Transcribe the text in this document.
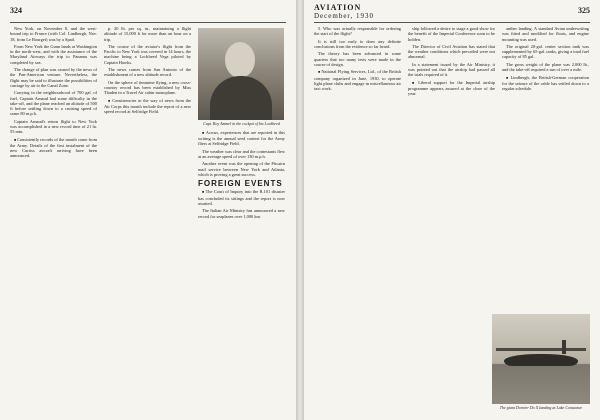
324

New York, on November 8, and the west-bound trip to France (with Col. Lindbergh, Nov. 18, from Le Bourget) was by a Spad.

From New York the Gunn lands at Washington in the north-west, and with the assistance of the Maryland Airways the trip to Panama was completed by sea.

The change of plan was caused by the news of the Pan-American venture. Nevertheless, the flight may be said to illustrate the possibilities of carriage by air to the Canal Zone.

Carrying in the neighbourhood of 700 gal. of fuel, Captain Arnaud had some difficulty in the take-off, and the plane reached an altitude of 500 ft before settling down to a cruising speed of some 80 m.p.h.

Captain Arnaud's return flight to New York was accomplished in a new record time of 21 hr. 55 min.

■ Consistently records of the month come from the Army. Details of the first instalment of the new Curtiss aircraft arriving have been announced.

p. 20 lb. per sq. in., maintaining a flight altitude of 15,000 ft for more than an hour on a trip.

The course of the aviator's flight from the Pacific to New York was covered in 14 hours, the machine being a Lockheed Vega piloted by Captain Hawks.

The news comes from San Antonio of the establishment of a new altitude record.

On the sphere of feminine flying, a new cross-country record has been established by Miss Thaden in a Travel Air cabin monoplane.

■ Consistencies in the way of news from the Air Corps this month include the report of a new speed record at Selfridge Field.

Capt. Roy Ammel in the cockpit of his Lockheed

■ Across, experiences that are reported in this writing is the annual seed contest for the Army fliers at Selfridge Field.

The weather was clear and the contestants flew at an average speed of over 130 m.p.h.

Another event was the opening of the Pitcairn mail service between New York and Atlanta, which is proving a great success.

FOREIGN EVENTS

■ The Court of Inquiry into the R.101 disaster has concluded its sittings and the report is now awaited.

The Italian Air Ministry has announced a new record for seaplanes over 1,000 km.

AVIATION
December, 1930
325

5. Who was actually responsible for ordering the start of the flight?

It is still too early to draw any definite conclusions from the evidence so far heard.

The theory has been advanced in some quarters that too many tests were made in the course of design.

■ National Flying Services, Ltd., of the British company organized in June, 1930, to operate light plane clubs and engage in miscellaneous air taxi work.

ship followed a desire to stage a good show for the benefit of the Imperial Conference soon to be holden.

The Director of Civil Aviation has stated that the weather conditions which prevailed were not abnormal.

In a statement issued by the Air Ministry, it was pointed out that the airship had passed all the trials required of it.

■ Liberal support for the Imperial airship programme appears assured at the close of the year.

anther landing. A standard Avian underwriting was fitted and modified for floats, and engine mounting was used.

The original 20-gal. center section tank was supplemented by 65-gal. tanks, giving a total fuel capacity of 85 gal.

The gross weight of the plane was 2,000 lb., and the take-off required a run of over a mile.

■ Lindbergh, the British-German cooperation for the seizure of the cable has settled down to a regular schedule.

The giant Dornier Do X landing at Lake Constance
